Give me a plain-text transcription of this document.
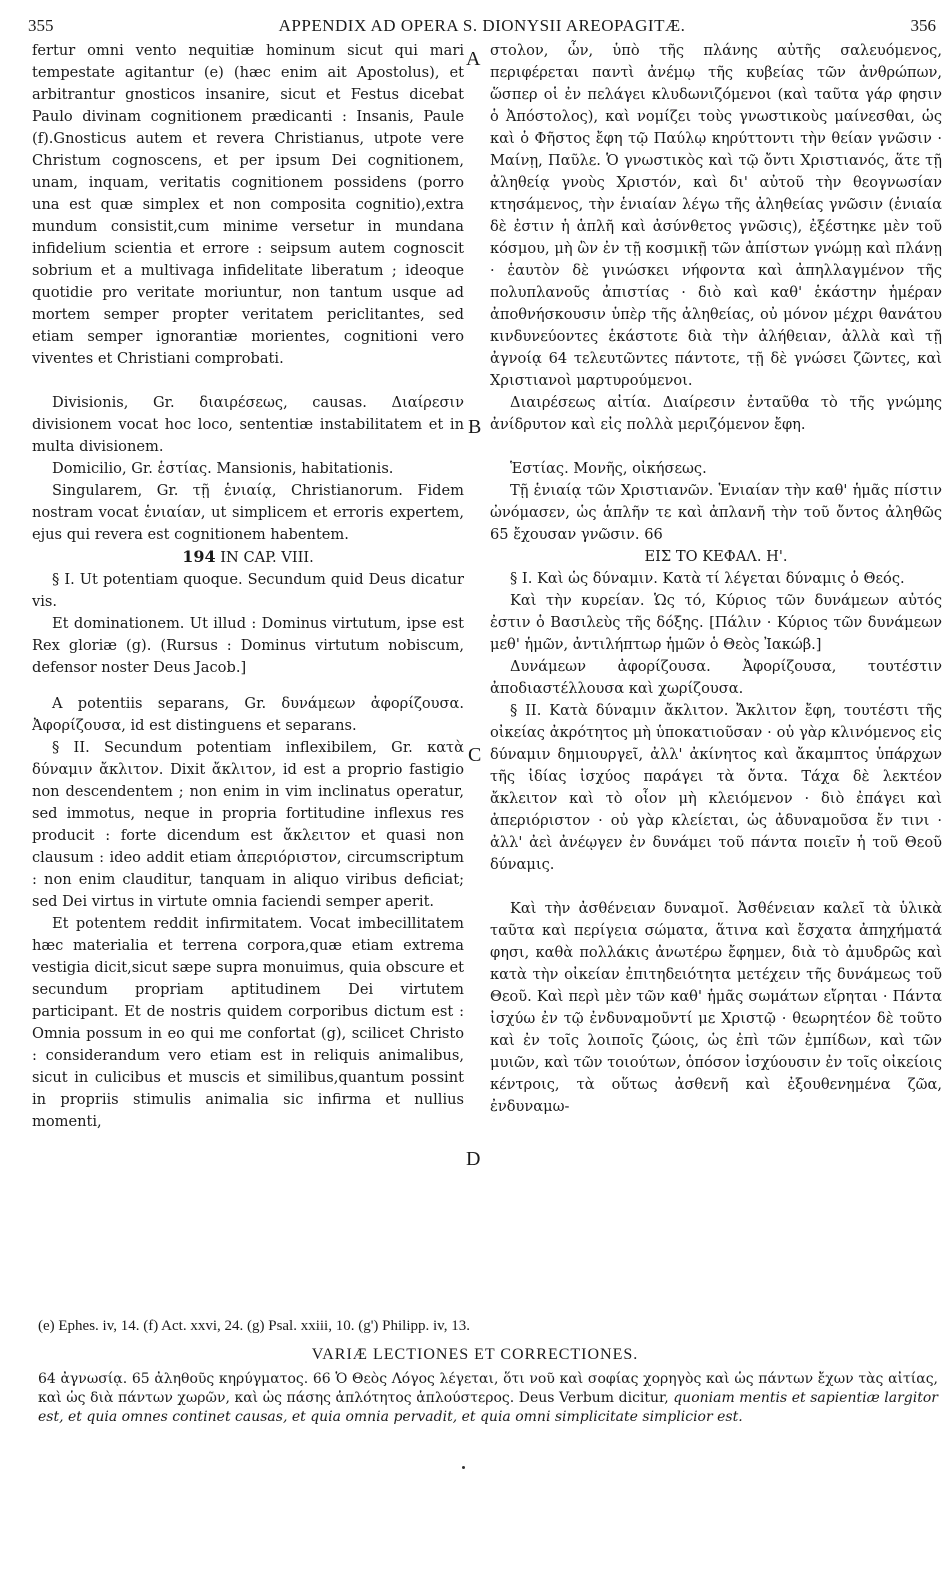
355	APPENDIX AD OPERA S. DIONYSII AREOPAGITÆ.	356
A
B
C
D

fertur omni vento nequitiæ hominum sicut qui mari tempestate agitantur (e) (hæc enim ait Apostolus), et arbitrantur gnosticos insanire, sicut et Festus dicebat Paulo divinam cognitionem prædicanti : Insanis, Paule (f).Gnosticus autem et revera Christianus, utpote vere Christum cognoscens, et per ipsum Dei cognitionem, unam, inquam, veritatis cognitionem possidens (porro una est quæ simplex et non composita cognitio),extra mundum consistit,cum minime versetur in mundana infidelium scientia et errore : seipsum autem cognoscit sobrium et a multivaga infidelitate liberatum ; ideoque quotidie pro veritate moriuntur, non tantum usque ad mortem semper propter veritatem periclitantes, sed etiam semper ignorantiæ morientes, cognitioni vero viventes et Christiani comprobati.

Divisionis, Gr. διαιρέσεως, causas. Διαίρεσιν divisionem vocat hoc loco, sententiæ instabilitatem et in multa divisionem.

Domicilio, Gr. ἑστίας. Mansionis, habitationis.

Singularem, Gr. τῇ ἑνιαίᾳ, Christianorum. Fidem nostram vocat ἑνιαίαν, ut simplicem et erroris expertem, ejus qui revera est cognitionem habentem.

194 IN CAP. VIII.

§ I. Ut potentiam quoque. Secundum quid Deus dicatur vis.

Et dominationem. Ut illud : Dominus virtutum, ipse est Rex gloriæ (g). (Rursus : Dominus virtutum nobiscum, defensor noster Deus Jacob.]

A potentiis separans, Gr. δυνάμεων ἀφορίζουσα. Ἀφορίζουσα, id est distinguens et separans.

§ II. Secundum potentiam inflexibilem, Gr. κατὰ δύναμιν ἄκλιτον. Dixit ἄκλιτον, id est a proprio fastigio non descendentem ; non enim in vim inclinatus operatur, sed immotus, neque in propria fortitudine inflexus res producit : forte dicendum est ἄκλειτον et quasi non clausum : ideo addit etiam ἀπεριόριστον, circumscriptum : non enim clauditur, tanquam in aliquo viribus deficiat; sed Dei virtus in virtute omnia faciendi semper aperit.

Et potentem reddit infirmitatem. Vocat imbecillitatem hæc materialia et terrena corpora,quæ etiam extrema vestigia dicit,sicut sæpe supra monuimus, quia obscure et secundum propriam aptitudinem Dei virtutem participant. Et de nostris quidem corporibus dictum est : Omnia possum in eo qui me confortat (g), scilicet Christo : considerandum vero etiam est in reliquis animalibus, sicut in culicibus et muscis et similibus,quantum possint in propriis stimulis animalia sic infirma et nullius momenti,

στολον, ὧν, ὑπὸ τῆς πλάνης αὐτῆς σαλευόμενος, περιφέρεται παντὶ ἀνέμῳ τῆς κυβείας τῶν ἀνθρώπων, ὥσπερ οἱ ἐν πελάγει κλυδωνιζόμενοι (καὶ ταῦτα γάρ φησιν ὁ Ἀπόστολος), καὶ νομίζει τοὺς γνωστικοὺς μαίνεσθαι, ὡς καὶ ὁ Φῆστος ἔφη τῷ Παύλῳ κηρύττοντι τὴν θείαν γνῶσιν · Μαίνῃ, Παῦλε. Ὁ γνωστικὸς καὶ τῷ ὄντι Χριστιανός, ἅτε τῇ ἀληθείᾳ γνοὺς Χριστόν, καὶ δι' αὐτοῦ τὴν θεογνωσίαν κτησάμενος, τὴν ἑνιαίαν λέγω τῆς ἀληθείας γνῶσιν (ἑνιαία δὲ ἐστιν ἡ ἁπλῆ καὶ ἀσύνθετος γνῶσις), ἐξέστηκε μὲν τοῦ κόσμου, μὴ ὢν ἐν τῇ κοσμικῇ τῶν ἀπίστων γνώμῃ καὶ πλάνῃ · ἑαυτὸν δὲ γινώσκει νήφοντα καὶ ἀπηλλαγμένον τῆς πολυπλανοῦς ἀπιστίας · διὸ καὶ καθ' ἑκάστην ἡμέραν ἀποθνήσκουσιν ὑπὲρ τῆς ἀληθείας, οὐ μόνον μέχρι θανάτου κινδυνεύοντες ἑκάστοτε διὰ τὴν ἀλήθειαν, ἀλλὰ καὶ τῇ ἀγνοίᾳ 64 τελευτῶντες πάντοτε, τῇ δὲ γνώσει ζῶντες, καὶ Χριστιανοὶ μαρτυρούμενοι.

Διαιρέσεως αἰτία. Διαίρεσιν ἐνταῦθα τὸ τῆς γνώμης ἀνίδρυτον καὶ εἰς πολλὰ μεριζόμενον ἔφη.

Ἑστίας. Μονῆς, οἰκήσεως.

Τῇ ἑνιαίᾳ τῶν Χριστιανῶν. Ἑνιαίαν τὴν καθ' ἡμᾶς πίστιν ὠνόμασεν, ὡς ἁπλῆν τε καὶ ἀπλανῆ τὴν τοῦ ὄντος ἀληθῶς 65 ἔχουσαν γνῶσιν. 66

ΕΙΣ ΤΟ ΚΕΦΑΛ. Η'.

§ I. Καὶ ὡς δύναμιν. Κατὰ τί λέγεται δύναμις ὁ Θεός.

Καὶ τὴν κυρείαν. Ὡς τό, Κύριος τῶν δυνάμεων αὐτός ἐστιν ὁ Βασιλεὺς τῆς δόξης. [Πάλιν · Κύριος τῶν δυνάμεων μεθ' ἡμῶν, ἀντιλήπτωρ ἡμῶν ὁ Θεὸς Ἰακώβ.]

Δυνάμεων ἀφορίζουσα. Ἀφορίζουσα, τουτέστιν ἀποδιαστέλλουσα καὶ χωρίζουσα.

§ II. Κατὰ δύναμιν ἄκλιτον. Ἄκλιτον ἔφη, τουτέστι τῆς οἰκείας ἀκρότητος μὴ ὑποκατιοῦσαν · οὐ γὰρ κλινόμενος εἰς δύναμιν δημιουργεῖ, ἀλλ' ἀκίνητος καὶ ἄκαμπτος ὑπάρχων τῆς ἰδίας ἰσχύος παράγει τὰ ὄντα. Τάχα δὲ λεκτέον ἄκλειτον καὶ τὸ οἷον μὴ κλειόμενον · διὸ ἐπάγει καὶ ἀπεριόριστον · οὐ γὰρ κλείεται, ὡς ἀδυναμοῦσα ἔν τινι · ἀλλ' ἀεὶ ἀνέῳγεν ἐν δυνάμει τοῦ πάντα ποιεῖν ἡ τοῦ Θεοῦ δύναμις.

Καὶ τὴν ἀσθένειαν δυναμοῖ. Ἀσθένειαν καλεῖ τὰ ὑλικὰ ταῦτα καὶ περίγεια σώματα, ἅτινα καὶ ἔσχατα ἀπηχήματά φησι, καθὰ πολλάκις ἀνωτέρω ἔφημεν, διὰ τὸ ἀμυδρῶς καὶ κατὰ τὴν οἰκείαν ἐπιτηδειότητα μετέχειν τῆς δυνάμεως τοῦ Θεοῦ. Καὶ περὶ μὲν τῶν καθ' ἡμᾶς σωμάτων εἴρηται · Πάντα ἰσχύω ἐν τῷ ἐνδυναμοῦντί με Χριστῷ · θεωρητέον δὲ τοῦτο καὶ ἐν τοῖς λοιποῖς ζώοις, ὡς ἐπὶ τῶν ἐμπίδων, καὶ τῶν μυιῶν, καὶ τῶν τοιούτων, ὁπόσον ἰσχύουσιν ἐν τοῖς οἰκείοις κέντροις, τὰ οὕτως ἀσθενῆ καὶ ἐξουθενημένα ζῶα, ἐνδυναμω-

(e) Ephes. iv, 14. (f) Act. xxvi, 24. (g) Psal. xxiii, 10. (g') Philipp. iv, 13.
VARIÆ LECTIONES ET CORRECTIONES.
64 ἀγνωσίᾳ. 65 ἀληθοῦς κηρύγματος. 66 Ὁ Θεὸς Λόγος λέγεται, ὅτι νοῦ καὶ σοφίας χορηγὸς καὶ ὡς πάντων ἔχων τὰς αἰτίας, καὶ ὡς διὰ πάντων χωρῶν, καὶ ὡς πάσης ἁπλότητος ἁπλούστερος. Deus Verbum dicitur, quoniam mentis et sapientiæ largitor est, et quia omnes continet causas, et quia omnia pervadit, et quia omni simplicitate simplicior est.
